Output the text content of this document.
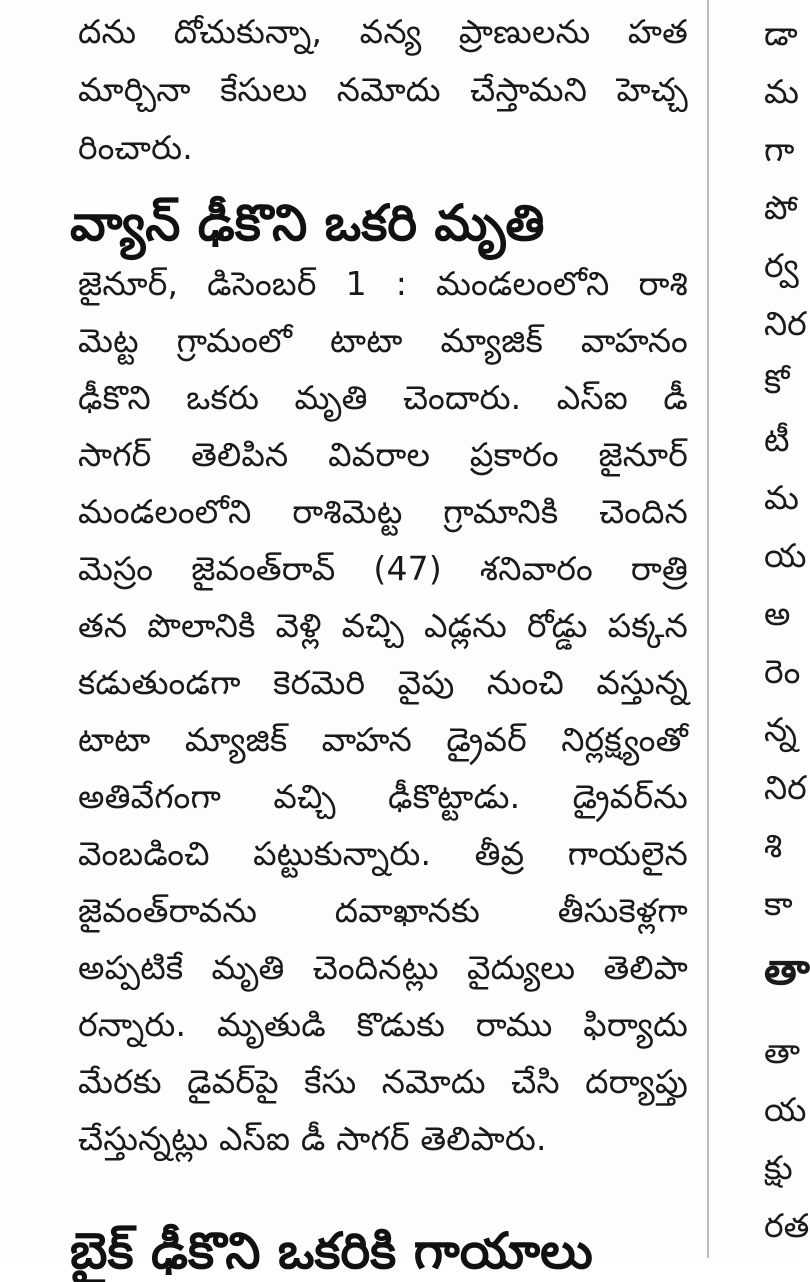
దను దోచుకున్నా, వన్య ప్రాణులను హత
మార్చినా కేసులు నమోదు చేస్తామని హెచ్చ
రించారు.
వ్యాన్ ఢీకొని ఒకరి మృతి
జైనూర్, డిసెంబర్ 1 : మండలంలోని రాశి
మెట్ట గ్రామంలో టాటా మ్యాజిక్ వాహనం
ఢీకొని ఒకరు మృతి చెందారు. ఎస్ఐ డీ
సాగర్ తెలిపిన వివరాల ప్రకారం జైనూర్
మండలంలోని రాశిమెట్ట గ్రామానికి చెందిన
మెస్రం జైవంత్‌రావ్ (47) శనివారం రాత్రి
తన పొలానికి వెళ్లి వచ్చి ఎడ్లను రోడ్డు పక్కన
కడుతుండగా కెరమెరి వైపు నుంచి వస్తున్న
టాటా మ్యాజిక్ వాహన డ్రైవర్ నిర్లక్ష్యంతో
అతివేగంగా వచ్చి ఢీకొట్టాడు. డ్రైవర్‌ను
వెంబడించి పట్టుకున్నారు. తీవ్ర గాయలైన
జైవంత్‌రావను దవాఖానకు తీసుకెళ్లగా
అప్పటికే మృతి చెందినట్లు వైద్యులు తెలిపా
రన్నారు. మృతుడి కొడుకు రాము ఫిర్యాదు
మేరకు డైవర్‌పై కేసు నమోదు చేసి దర్యాప్తు
చేస్తున్నట్లు ఎస్ఐ డీ సాగర్ తెలిపారు.
బైక్ ఢీకొని ఒకరికి గాయాలు
డా
మ
గా
పో
ర్వ
నిర
కో
టీ
మ
య
అ
రెం
న్న
నిర
శి
కా
తా
తా
య
క్షు
రత
